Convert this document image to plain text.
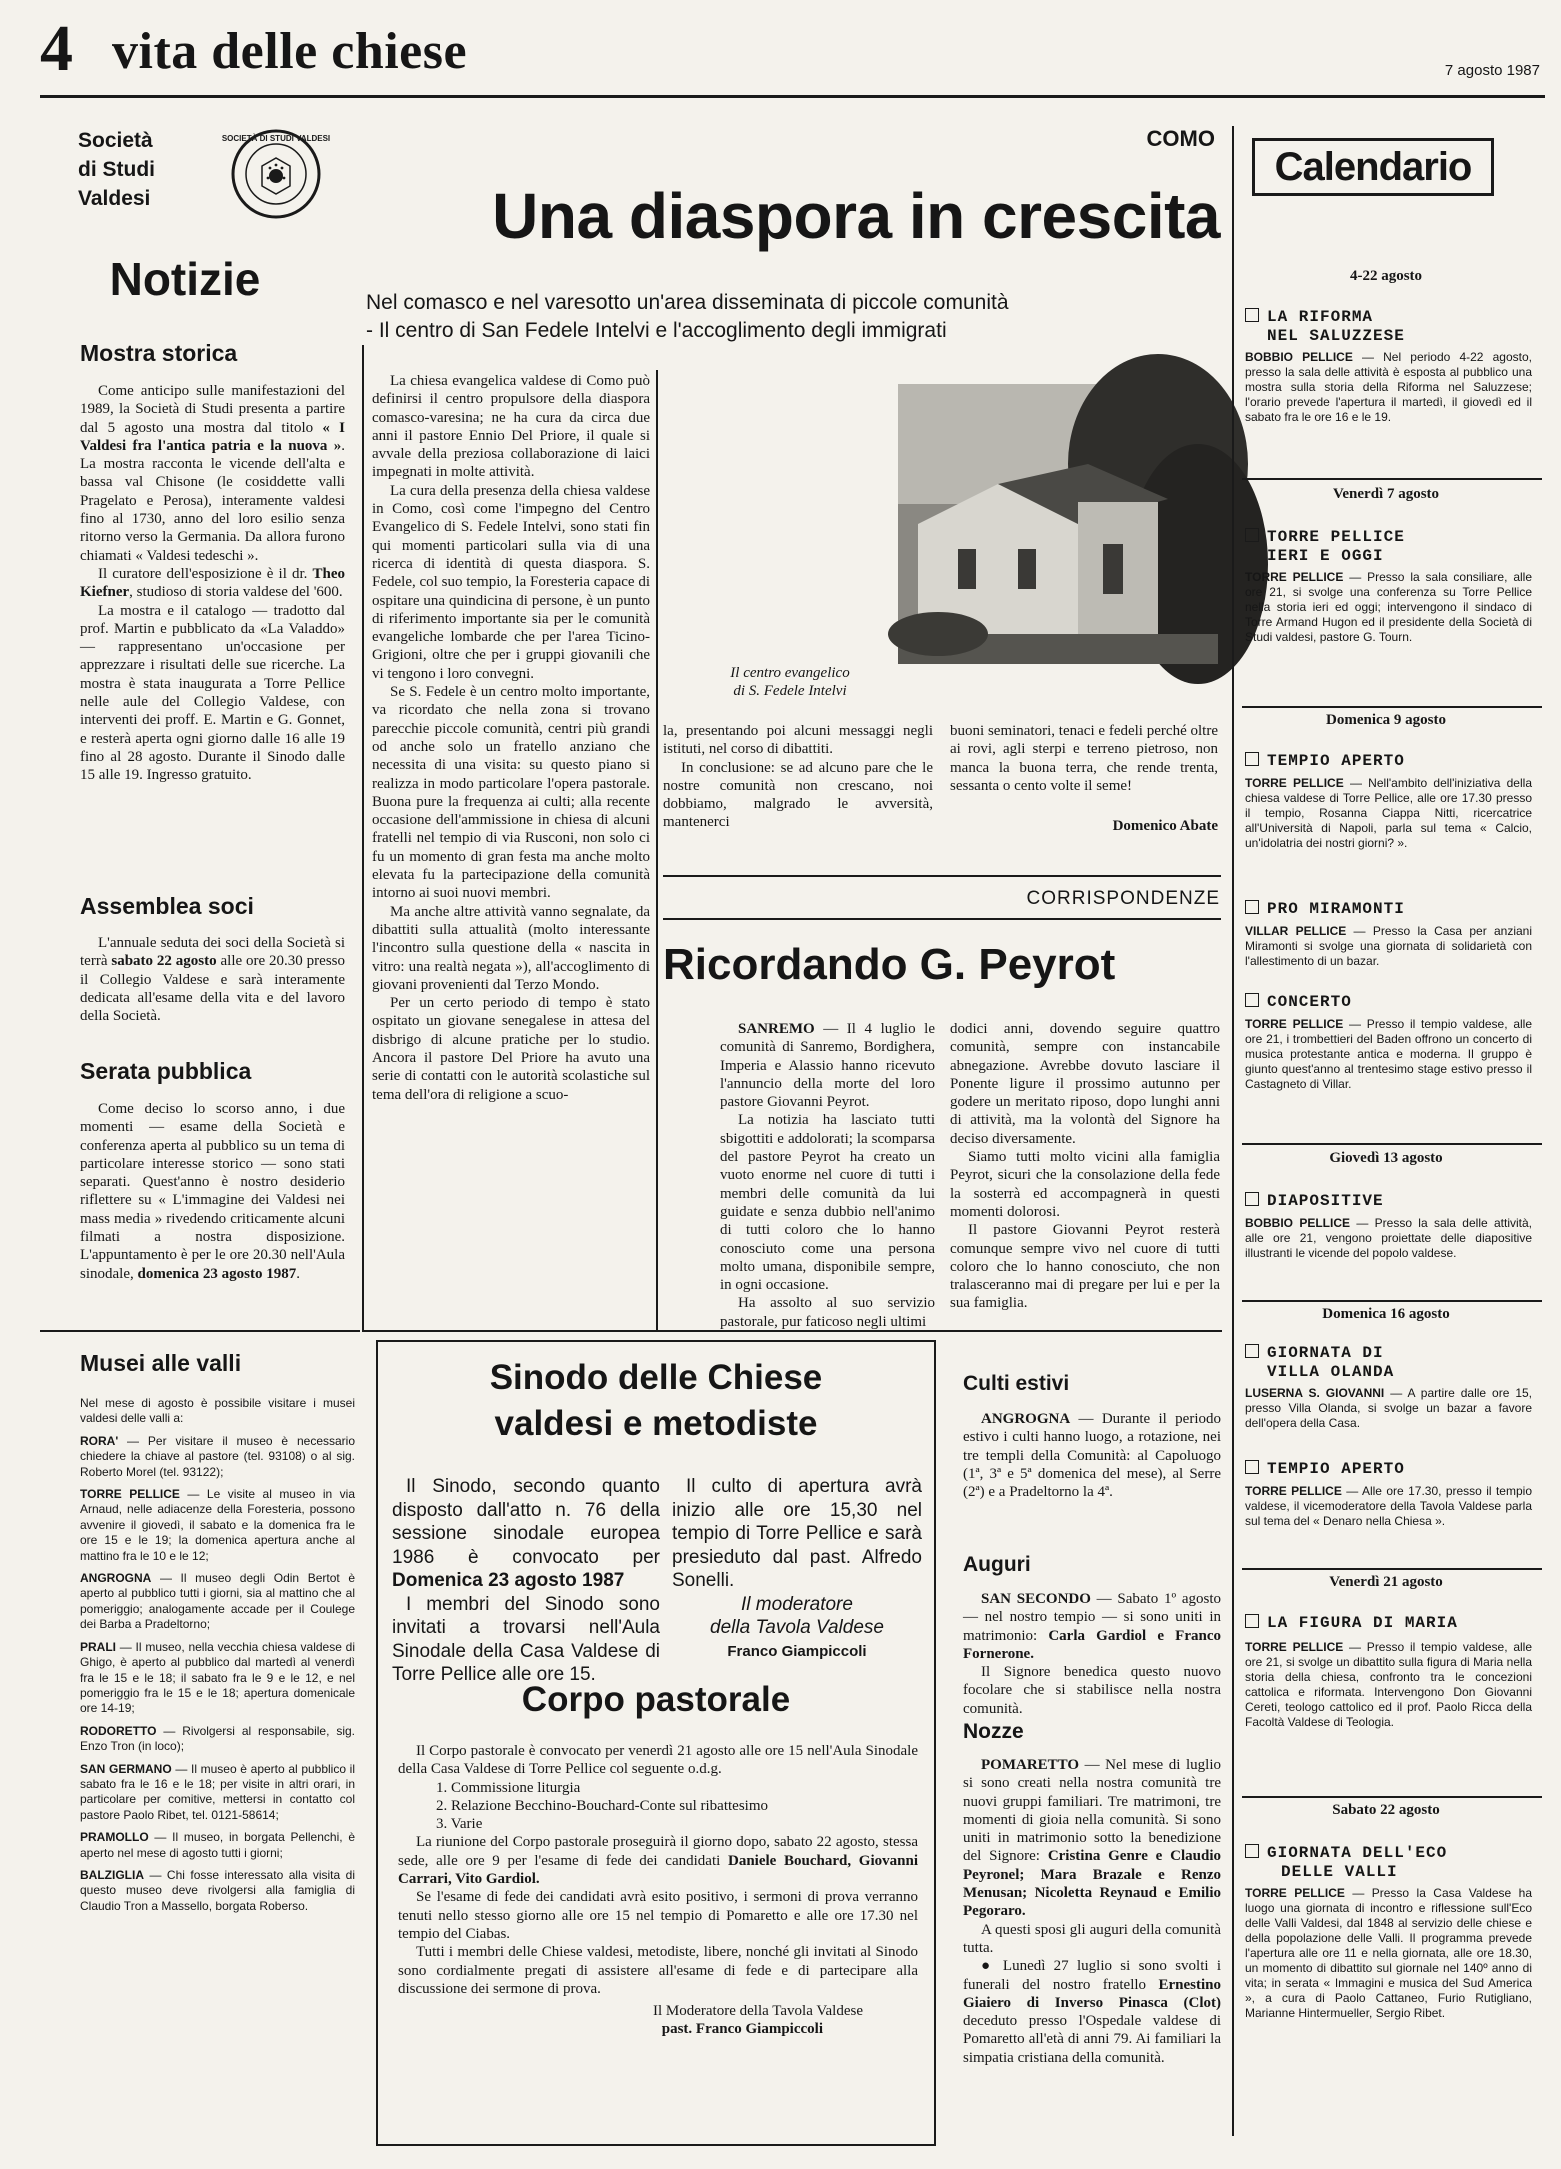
4 vita delle chiese	7 agosto 1987
Società
di Studi
Valdesi
SOCIETÀ DI STUDI VALDESI
Notizie
Mostra storica

Come anticipo sulle manifestazioni del 1989, la Società di Studi presenta a partire dal 5 agosto una mostra dal titolo « I Valdesi fra l'antica patria e la nuova ». La mostra racconta le vicende dell'alta e bassa val Chisone (le cosiddette valli Pragelato e Perosa), interamente valdesi fino al 1730, anno del loro esilio senza ritorno verso la Germania. Da allora furono chiamati « Valdesi tedeschi ».

Il curatore dell'esposizione è il dr. Theo Kiefner, studioso di storia valdese del '600.

La mostra e il catalogo — tradotto dal prof. Martin e pubblicato da «La Valaddo» — rappresentano un'occasione per apprezzare i risultati delle sue ricerche. La mostra è stata inaugurata a Torre Pellice nelle aule del Collegio Valdese, con interventi dei proff. E. Martin e G. Gonnet, e resterà aperta ogni giorno dalle 16 alle 19 fino al 28 agosto. Durante il Sinodo dalle 15 alle 19. Ingresso gratuito.

Assemblea soci

L'annuale seduta dei soci della Società si terrà sabato 22 agosto alle ore 20.30 presso il Collegio Valdese e sarà interamente dedicata all'esame della vita e del lavoro della Società.

Serata pubblica

Come deciso lo scorso anno, i due momenti — esame della Società e conferenza aperta al pubblico su un tema di particolare interesse storico — sono stati separati. Quest'anno è nostro desiderio riflettere su « L'immagine dei Valdesi nei mass media » rivedendo criticamente alcuni filmati a nostra disposizione. L'appuntamento è per le ore 20.30 nell'Aula sinodale, domenica 23 agosto 1987.

Musei alle valli

Nel mese di agosto è possibile visitare i musei valdesi delle valli a:

RORA' — Per visitare il museo è necessario chiedere la chiave al pastore (tel. 93108) o al sig. Roberto Morel (tel. 93122);

TORRE PELLICE — Le visite al museo in via Arnaud, nelle adiacenze della Foresteria, possono avvenire il giovedì, il sabato e la domenica fra le ore 15 e le 19; la domenica apertura anche al mattino fra le 10 e le 12;

ANGROGNA — Il museo degli Odin Bertot è aperto al pubblico tutti i giorni, sia al mattino che al pomeriggio; analogamente accade per il Coulege dei Barba a Pradeltorno;

PRALI — Il museo, nella vecchia chiesa valdese di Ghigo, è aperto al pubblico dal martedì al venerdì fra le 15 e le 18; il sabato fra le 9 e le 12, e nel pomeriggio fra le 15 e le 18; apertura domenicale ore 14-19;

RODORETTO — Rivolgersi al responsabile, sig. Enzo Tron (in loco);

SAN GERMANO — Il museo è aperto al pubblico il sabato fra le 16 e le 18; per visite in altri orari, in particolare per comitive, mettersi in contatto col pastore Paolo Ribet, tel. 0121-58614;

PRAMOLLO — Il museo, in borgata Pellenchi, è aperto nel mese di agosto tutti i giorni;

BALZIGLIA — Chi fosse interessato alla visita di questo museo deve rivolgersi alla famiglia di Claudio Tron a Massello, borgata Roberso.

COMO
Una diaspora in crescita
Nel comasco e nel varesotto un'area disseminata di piccole comunità
- Il centro di San Fedele Intelvi e l'accoglimento degli immigrati

La chiesa evangelica valdese di Como può definirsi il centro propulsore della diaspora comasco-varesina; ne ha cura da circa due anni il pastore Ennio Del Priore, il quale si avvale della preziosa collaborazione di laici impegnati in molte attività.

La cura della presenza della chiesa valdese in Como, così come l'impegno del Centro Evangelico di S. Fedele Intelvi, sono stati fin qui momenti particolari sulla via di una ricerca di identità di questa diaspora. S. Fedele, col suo tempio, la Foresteria capace di ospitare una quindicina di persone, è un punto di riferimento importante sia per le comunità evangeliche lombarde che per l'area Ticino-Grigioni, oltre che per i gruppi giovanili che vi tengono i loro convegni.

Se S. Fedele è un centro molto importante, va ricordato che nella zona si trovano parecchie piccole comunità, centri più grandi od anche solo un fratello anziano che necessita di una visita: su questo piano si realizza in modo particolare l'opera pastorale. Buona pure la frequenza ai culti; alla recente occasione dell'ammissione in chiesa di alcuni fratelli nel tempio di via Rusconi, non solo ci fu un momento di gran festa ma anche molto elevata fu la partecipazione della comunità intorno ai suoi nuovi membri.

Ma anche altre attività vanno segnalate, da dibattiti sulla attualità (molto interessante l'incontro sulla questione della « nascita in vitro: una realtà negata »), all'accoglimento di giovani provenienti dal Terzo Mondo.

Per un certo periodo di tempo è stato ospitato un giovane senegalese in attesa del disbrigo di alcune pratiche per lo studio. Ancora il pastore Del Priore ha avuto una serie di contatti con le autorità scolastiche sul tema dell'ora di religione a scuo-

Il centro evangelico
di S. Fedele Intelvi

la, presentando poi alcuni messaggi negli istituti, nel corso di dibattiti.

In conclusione: se ad alcuno pare che le nostre comunità non crescano, noi dobbiamo, malgrado le avversità, mantenerci

buoni seminatori, tenaci e fedeli perché oltre ai rovi, agli sterpi e terreno pietroso, non manca la buona terra, che rende trenta, sessanta o cento volte il seme!

Domenico Abate
CORRISPONDENZE
Ricordando G. Peyrot

SANREMO — Il 4 luglio le comunità di Sanremo, Bordighera, Imperia e Alassio hanno ricevuto l'annuncio della morte del loro pastore Giovanni Peyrot.

La notizia ha lasciato tutti sbigottiti e addolorati; la scomparsa del pastore Peyrot ha creato un vuoto enorme nel cuore di tutti i membri delle comunità da lui guidate e senza dubbio nell'animo di tutti coloro che lo hanno conosciuto come una persona molto umana, disponibile sempre, in ogni occasione.

Ha assolto al suo servizio pastorale, pur faticoso negli ultimi

dodici anni, dovendo seguire quattro comunità, sempre con instancabile abnegazione. Avrebbe dovuto lasciare il Ponente ligure il prossimo autunno per godere un meritato riposo, dopo lunghi anni di attività, ma la volontà del Signore ha deciso diversamente.

Siamo tutti molto vicini alla famiglia Peyrot, sicuri che la consolazione della fede la sosterrà ed accompagnerà in questi momenti dolorosi.

Il pastore Giovanni Peyrot resterà comunque sempre vivo nel cuore di tutti coloro che lo hanno conosciuto, che non tralasceranno mai di pregare per lui e per la sua famiglia.

Sinodo delle Chiese
valdesi e metodiste

Il Sinodo, secondo quanto disposto dall'atto n. 76 della sessione sinodale europea 1986 è convocato per Domenica 23 agosto 1987

I membri del Sinodo sono invitati a trovarsi nell'Aula Sinodale della Casa Valdese di Torre Pellice alle ore 15.

Il culto di apertura avrà inizio alle ore 15,30 nel tempio di Torre Pellice e sarà presieduto dal past. Alfredo Sonelli.

Il moderatore
della Tavola Valdese
Franco Giampiccoli
Corpo pastorale

Il Corpo pastorale è convocato per venerdì 21 agosto alle ore 15 nell'Aula Sinodale della Casa Valdese di Torre Pellice col seguente o.d.g.

1. Commissione liturgia
2. Relazione Becchino-Bouchard-Conte sul ribattesimo
3. Varie

La riunione del Corpo pastorale proseguirà il giorno dopo, sabato 22 agosto, stessa sede, alle ore 9 per l'esame di fede dei candidati Daniele Bouchard, Giovanni Carrari, Vito Gardiol.

Se l'esame di fede dei candidati avrà esito positivo, i sermoni di prova verranno tenuti nello stesso giorno alle ore 15 nel tempio di Pomaretto e alle ore 17.30 nel tempio del Ciabas.

Tutti i membri delle Chiese valdesi, metodiste, libere, nonché gli invitati al Sinodo sono cordialmente pregati di assistere all'esame di fede e di partecipare alla discussione dei sermone di prova.

Il Moderatore della Tavola Valdese
past. Franco Giampiccoli
Culti estivi

ANGROGNA — Durante il periodo estivo i culti hanno luogo, a rotazione, nei tre templi della Comunità: al Capoluogo (1ª, 3ª e 5ª domenica del mese), al Serre (2ª) e a Pradeltorno la 4ª.

Auguri

SAN SECONDO — Sabato 1º agosto — nel nostro tempio — si sono uniti in matrimonio: Carla Gardiol e Franco Fornerone.

Il Signore benedica questo nuovo focolare che si stabilisce nella nostra comunità.

Nozze

POMARETTO — Nel mese di luglio si sono creati nella nostra comunità tre nuovi gruppi familiari. Tre matrimoni, tre momenti di gioia nella comunità. Si sono uniti in matrimonio sotto la benedizione del Signore: Cristina Genre e Claudio Peyronel; Mara Brazale e Renzo Menusan; Nicoletta Reynaud e Emilio Pegoraro.

A questi sposi gli auguri della comunità tutta.

● Lunedì 27 luglio si sono svolti i funerali del nostro fratello Ernestino Giaiero di Inverso Pinasca (Clot) deceduto presso l'Ospedale valdese di Pomaretto all'età di anni 79. Ai familiari la simpatia cristiana della comunità.

Calendario
4-22 agosto
LA RIFORMA
NEL SALUZZESE
BOBBIO PELLICE — Nel periodo 4-22 agosto, presso la sala delle attività è esposta al pubblico una mostra sulla storia della Riforma nel Saluzzese; l'orario prevede l'apertura il martedì, il giovedì ed il sabato fra le ore 16 e le 19.
Venerdì 7 agosto
TORRE PELLICE
IERI E OGGI
TORRE PELLICE — Presso la sala consiliare, alle ore 21, si svolge una conferenza su Torre Pellice nella storia ieri ed oggi; intervengono il sindaco di Torre Armand Hugon ed il presidente della Società di Studi valdesi, pastore G. Tourn.
Domenica 9 agosto
TEMPIO APERTO
TORRE PELLICE — Nell'ambito dell'iniziativa della chiesa valdese di Torre Pellice, alle ore 17.30 presso il tempio, Rosanna Ciappa Nitti, ricercatrice all'Università di Napoli, parla sul tema « Calcio, un'idolatria dei nostri giorni? ».
PRO MIRAMONTI
VILLAR PELLICE — Presso la Casa per anziani Miramonti si svolge una giornata di solidarietà con l'allestimento di un bazar.
CONCERTO
TORRE PELLICE — Presso il tempio valdese, alle ore 21, i trombettieri del Baden offrono un concerto di musica protestante antica e moderna. Il gruppo è giunto quest'anno al trentesimo stage estivo presso il Castagneto di Villar.
Giovedì 13 agosto
DIAPOSITIVE
BOBBIO PELLICE — Presso la sala delle attività, alle ore 21, vengono proiettate delle diapositive illustranti le vicende del popolo valdese.
Domenica 16 agosto
GIORNATA DI
VILLA OLANDA
LUSERNA S. GIOVANNI — A partire dalle ore 15, presso Villa Olanda, si svolge un bazar a favore dell'opera della Casa.
TEMPIO APERTO
TORRE PELLICE — Alle ore 17.30, presso il tempio valdese, il vicemoderatore della Tavola Valdese parla sul tema del « Denaro nella Chiesa ».
Venerdì 21 agosto
LA FIGURA DI MARIA
TORRE PELLICE — Presso il tempio valdese, alle ore 21, si svolge un dibattito sulla figura di Maria nella storia della chiesa, confronto tra le concezioni cattolica e riformata. Intervengono Don Giovanni Cereti, teologo cattolico ed il prof. Paolo Ricca della Facoltà Valdese di Teologia.
Sabato 22 agosto
GIORNATA DELL'ECO
DELLE VALLI
TORRE PELLICE — Presso la Casa Valdese ha luogo una giornata di incontro e riflessione sull'Eco delle Valli Valdesi, dal 1848 al servizio delle chiese e della popolazione delle Valli. Il programma prevede l'apertura alle ore 11 e nella giornata, alle ore 18.30, un momento di dibattito sul giornale nel 140º anno di vita; in serata « Immagini e musica del Sud America », a cura di Paolo Cattaneo, Furio Rutigliano, Marianne Hintermueller, Sergio Ribet.
